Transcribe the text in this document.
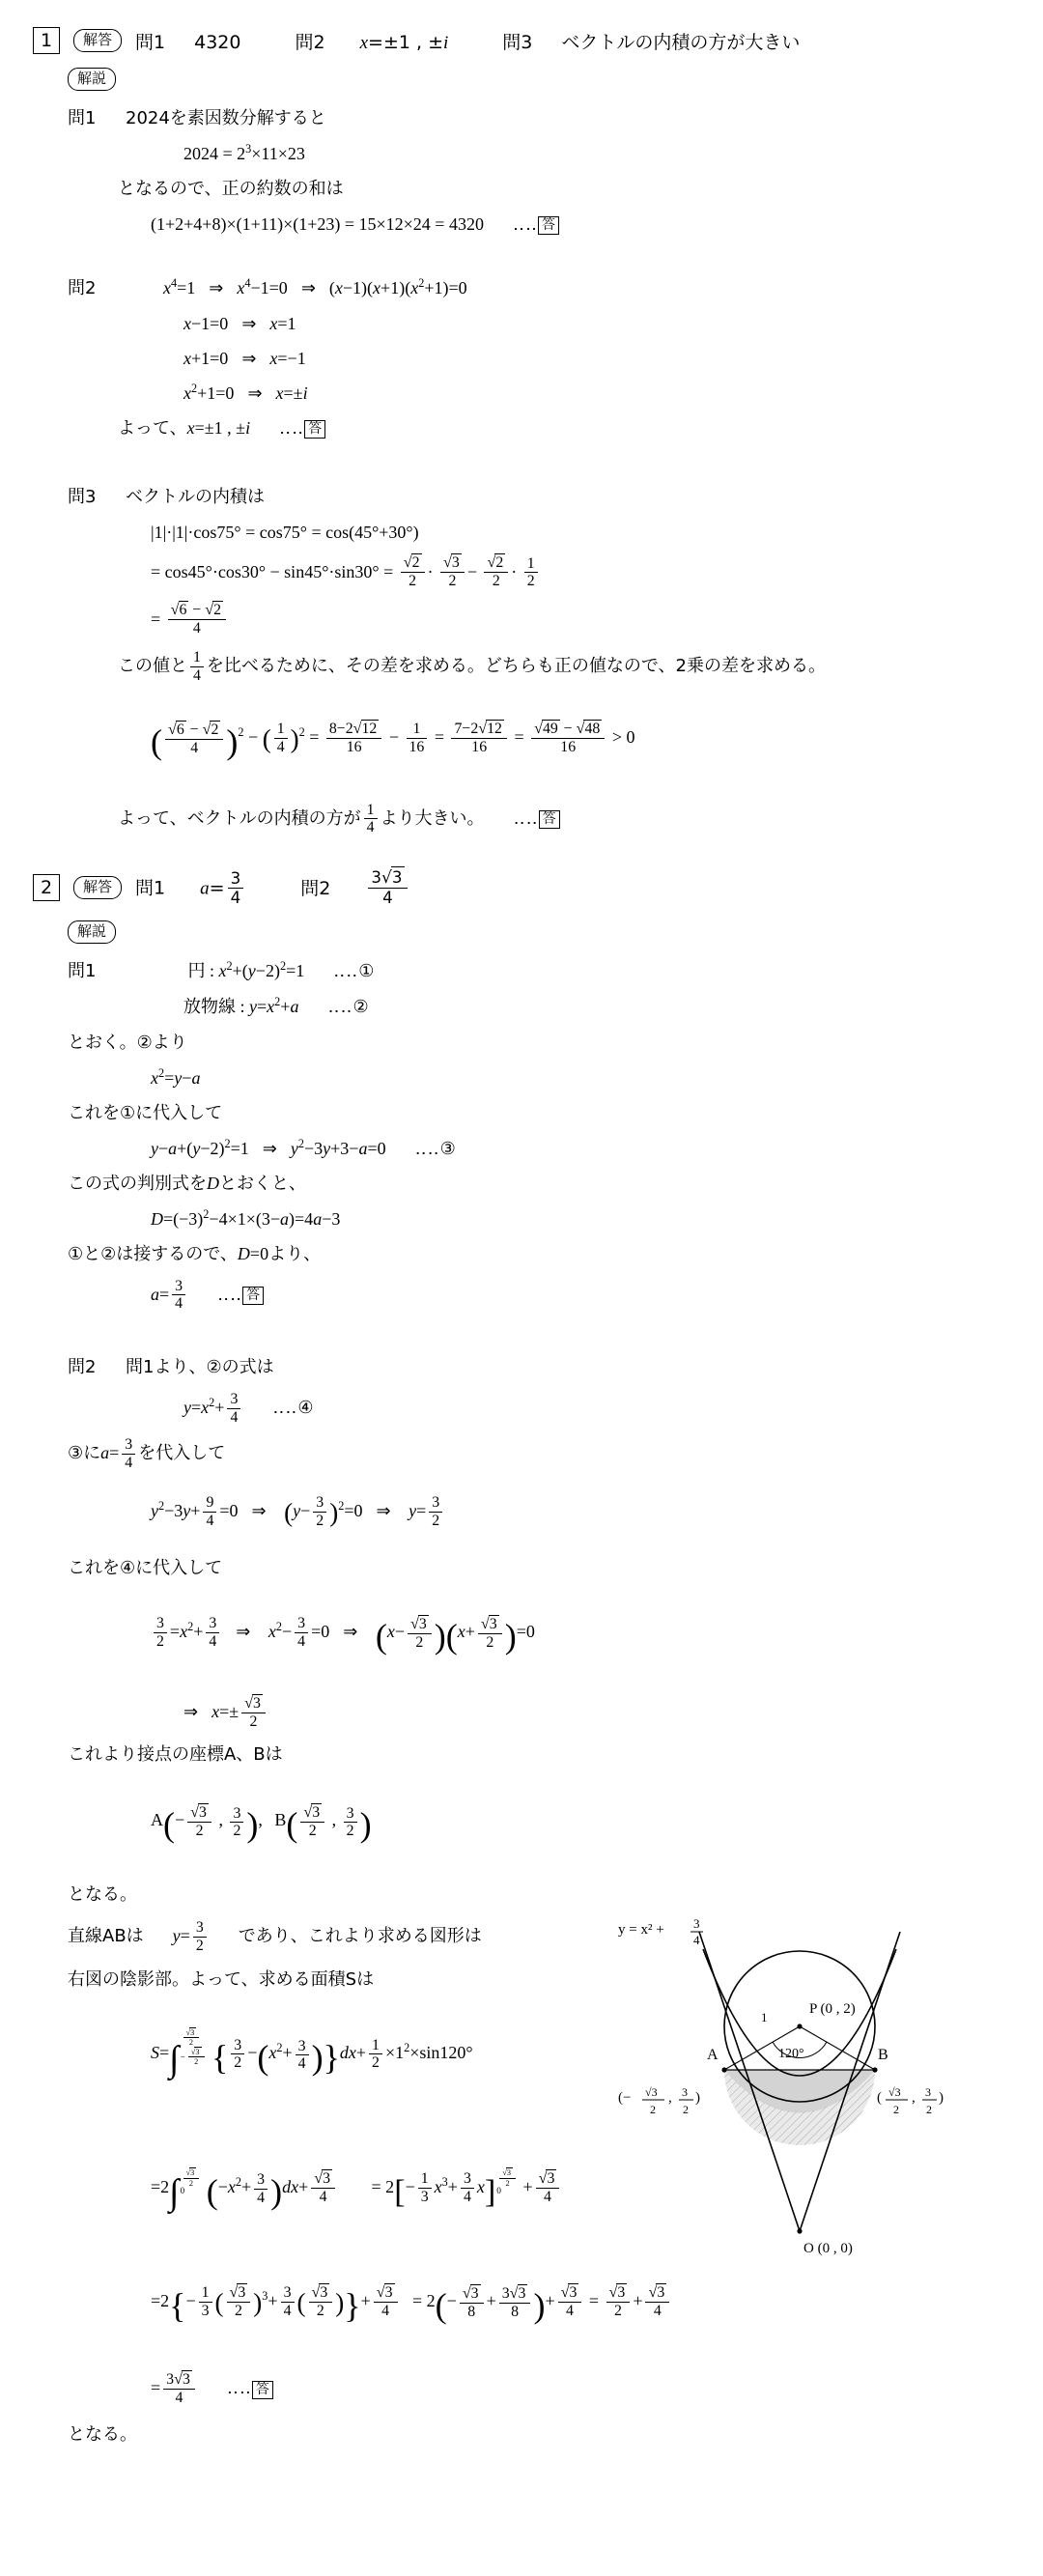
1	解答	問1 4320	問2 x=±1 , ±i	問3 ベクトルの内積の方が大きい
解説
問1 2024を素因数分解すると
$2024 = 2^3\times 11\times 23$
となるので、正の約数の和は
(1+2+4+8)×(1+11)×(1+23) = 15×12×24 = 4320 ‥‥ 答
問2	$x^4=1$ ⇒ $x^4-1=0$ ⇒ $(x-1)(x+1)(x^2+1)=0$
x−1=0 ⇒ x=1
x+1=0 ⇒ x=−1
$x^2+1=0$ ⇒ x=±i
よって、x=±1 , ±i ‥‥ 答
問3 ベクトルの内積は
|1|·|1|·cos75° = cos75° = cos(45°+30°)
= $\cos 45^\circ\cdot\cos 30^\circ - \sin 45^\circ\cdot\sin 30^\circ = \frac{√2}{2} \cdot \frac{√3}{2} - \frac{√2}{2} \cdot \frac{1}{2}$
= $\frac{√6 - √2}{4}$
この値と $\frac{1}{4}$ を比べるために、その差を求める。どちらも正の値なので、2乗の差を求める。
( $\frac{√6 - √2}{4} )^2$ − ( $\frac{1}{4} )^2 = \frac{8-2√12}{16} - \frac{1}{16} = \frac{7-2√12}{16} = \frac{√49 - √48}{16} > 0$
よって、ベクトルの内積の方が $\frac{1}{4}$ より大きい。 ‥‥ 答
2	解答	問1 $a= \frac{3}{4}$	問$2 \frac{3√3}{4}$
解説
問1	円 : $x^2+(y-2)^2=1$ ‥‥①
放物線 : $y=x^2+a$ ‥‥②
とおく。②より
$x^2=y-a$
これを①に代入して
$y-a+(y-2)^2=1$ ⇒ $y^2-3y+3-a=0$ ‥‥③
この式の判別式をDとおくと、
$D=(-3)^2-4\times 1\times(3-a)=4a-3$
①と②は接するので、D=0より、
$a= \frac{3}{4}$ ‥‥ 答
問2 問1より、②の式は
$y=x^2+ \frac{3}{4}$ ‥‥④
③に$a= \frac{3}{4}$ を代入して
$y^2-3y+ \frac{9}{4} =0$ ⇒ $(y- \frac{3}{2} )^2=0$ ⇒ $y= \frac{3}{2}$
これを④に代入して
$\frac{3}{2} =x^2+ \frac{3}{4}$ ⇒ $x^2- \frac{3}{4} =0$ ⇒ $(x- \frac{√3}{2} )(x+ \frac{√3}{2} )=0$
⇒ $x=\pm \frac{√3}{2}$
これより接点の座標A、Bは
$A(- \frac{√3}{2}$ , $\frac{3}{2}$ ), $B( \frac{√3}{2}$ , $\frac{3}{2}$ )
となる。
直線ABは $y= \frac{3}{2}$ であり、これより求める図形は
右図の陰影部。よって、求める面積Sは
S=∫
$\frac{√3}{2}$
− $\frac{√3}{2}$ { $\frac{3}{2} -(x^2+ \frac{3}{4} )\}dx+ \frac{1}{2} \times 1^2\times\sin 120^\circ$
$=2\int \frac{√3}{2}$
0 $(-x^2+ \frac{3}{4} )dx+ \frac{√3}{4} = 2[- \frac{1}{3} x^3+ \frac{3}{4} x] \frac{√3}{2}$
0	+ $\frac{√3}{4}$
$=2\{- \frac{1}{3}$ ( $\frac{√3}{2} )^3+ \frac{3}{4}$ ( $\frac{√3}{2}$ )}+ $\frac{√3}{4} = 2(- \frac{√3}{8} + \frac{3√3}{8}$ )+ $\frac{√3}{4} = \frac{√3}{2} + \frac{√3}{4}$
= $\frac{3√3}{4}$ ‥‥ 答
となる。
y = x² + 3
4
P (0 , 2)
1
120°
A	B
O (0 , 0)
(− √3
2
, 3
2
)	( √3
2
, 3
2
)
